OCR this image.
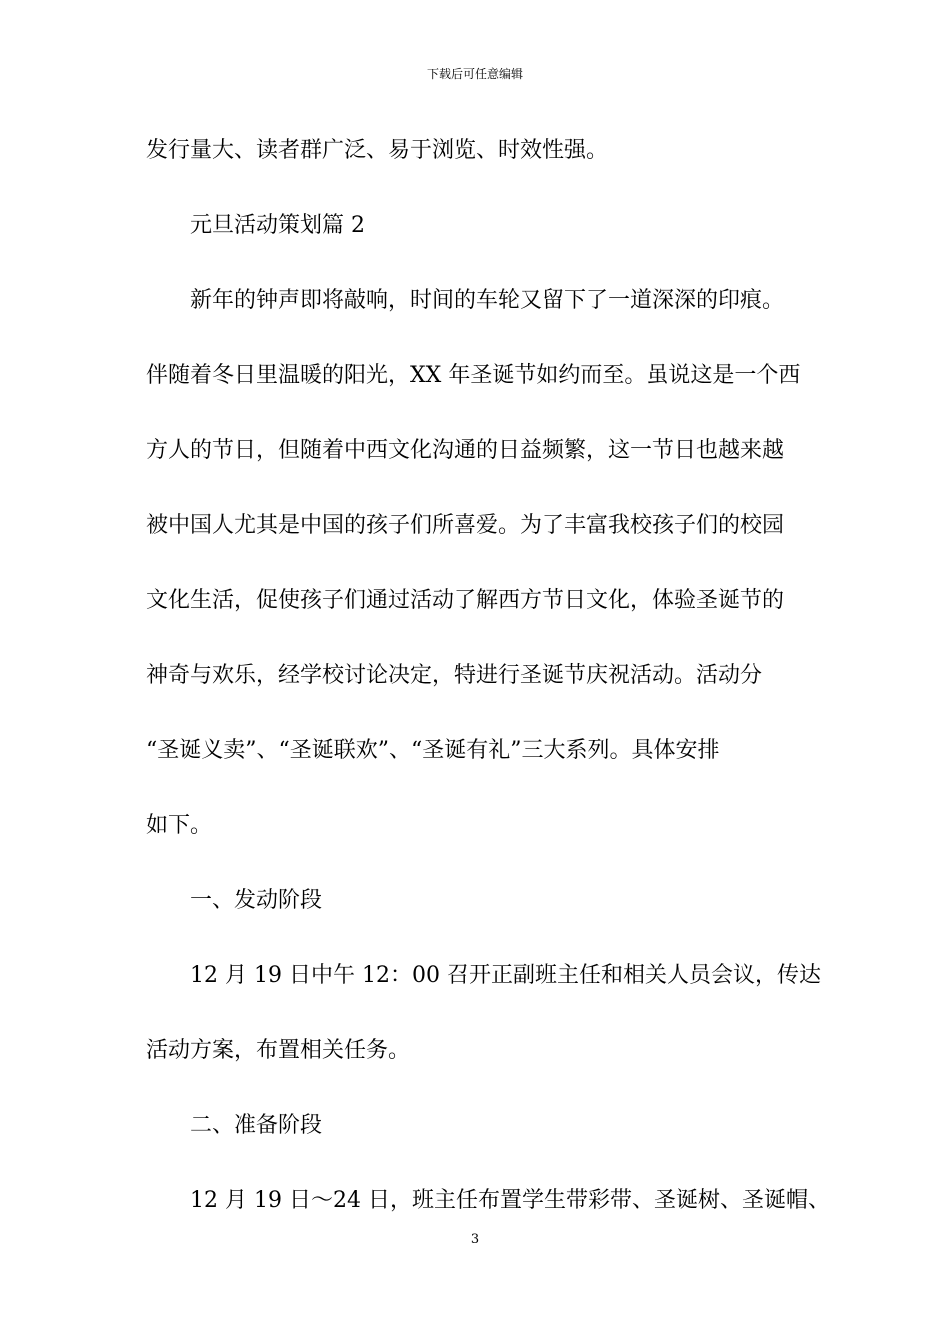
下载后可任意编辑
发行量大、读者群广泛、易于浏览、时效性强。
元旦活动策划篇 2
新年的钟声即将敲响，时间的车轮又留下了一道深深的印痕。
伴随着冬日里温暖的阳光，XX 年圣诞节如约而至。虽说这是一个西
方人的节日，但随着中西文化沟通的日益频繁，这一节日也越来越
被中国人尤其是中国的孩子们所喜爱。为了丰富我校孩子们的校园
文化生活，促使孩子们通过活动了解西方节日文化，体验圣诞节的
神奇与欢乐，经学校讨论决定，特进行圣诞节庆祝活动。活动分
“圣诞义卖”、“圣诞联欢”、“圣诞有礼”三大系列。具体安排
如下。
一、发动阶段
12 月 19 日中午 12：00 召开正副班主任和相关人员会议，传达
活动方案，布置相关任务。
二、准备阶段
12 月 19 日～24 日，班主任布置学生带彩带、圣诞树、圣诞帽、
3
